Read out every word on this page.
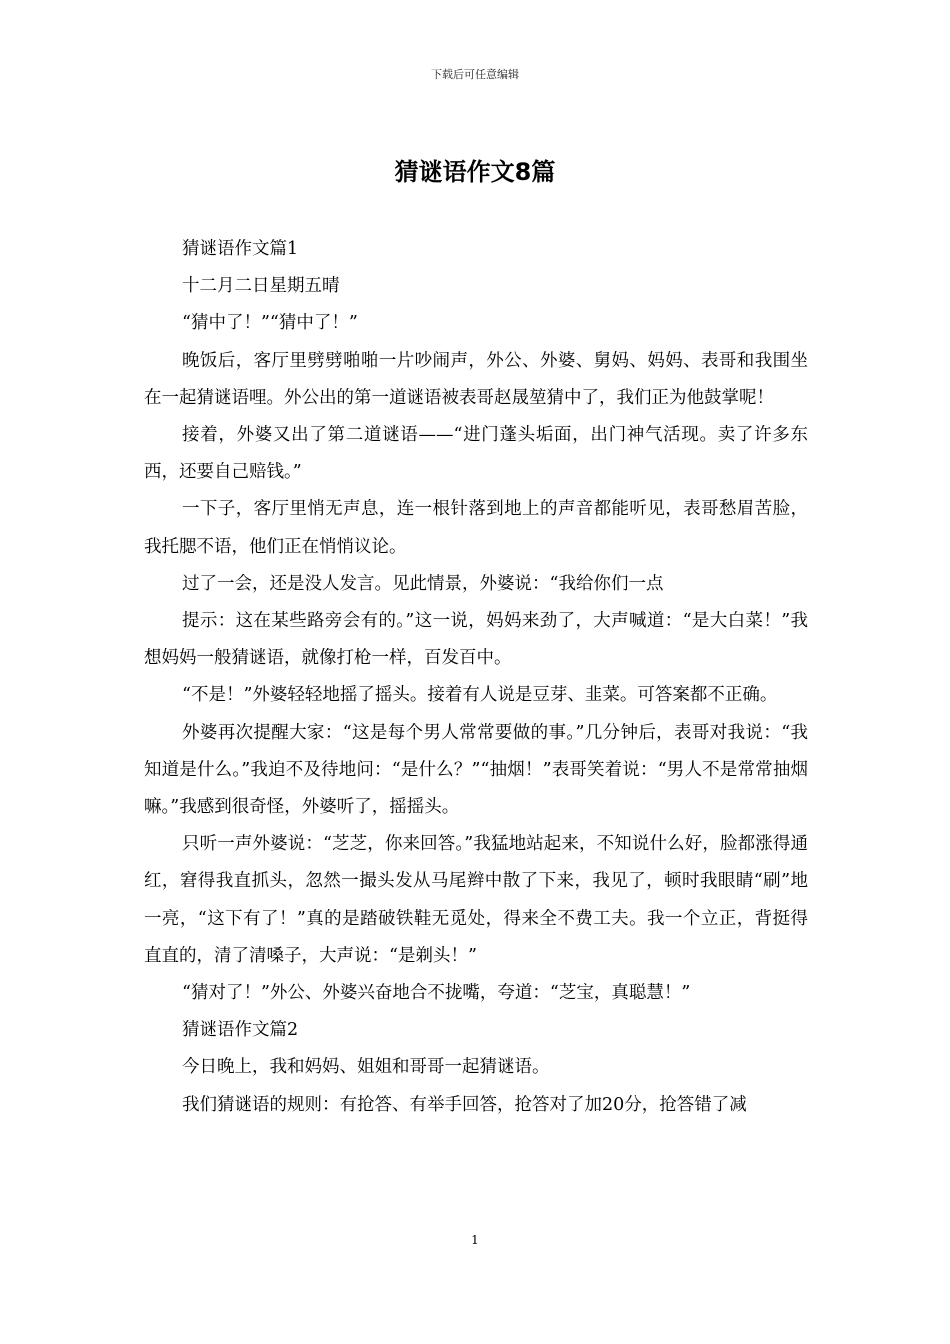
下载后可任意编辑
猜谜语作文8篇

猜谜语作文篇1

十二月二日星期五晴

“猜中了！”“猜中了！”

晚饭后，客厅里劈劈啪啪一片吵闹声，外公、外婆、舅妈、妈妈、表哥和我围坐在一起猜谜语哩。外公出的第一道谜语被表哥赵晟堃猜中了，我们正为他鼓掌呢！

接着，外婆又出了第二道谜语——“进门蓬头垢面，出门神气活现。卖了许多东西，还要自己赔钱。”

一下子，客厅里悄无声息，连一根针落到地上的声音都能听见，表哥愁眉苦脸，我托腮不语，他们正在悄悄议论。

过了一会，还是没人发言。见此情景，外婆说：“我给你们一点

提示：这在某些路旁会有的。”这一说，妈妈来劲了，大声喊道：“是大白菜！”我想妈妈一般猜谜语，就像打枪一样，百发百中。

“不是！”外婆轻轻地摇了摇头。接着有人说是豆芽、韭菜。可答案都不正确。

外婆再次提醒大家：“这是每个男人常常要做的事。”几分钟后，表哥对我说：“我知道是什么。”我迫不及待地问：“是什么？”“抽烟！”表哥笑着说：“男人不是常常抽烟嘛。”我感到很奇怪，外婆听了，摇摇头。

只听一声外婆说：“芝芝，你来回答。”我猛地站起来，不知说什么好，脸都涨得通红，窘得我直抓头，忽然一撮头发从马尾辫中散了下来，我见了，顿时我眼睛“刷”地一亮，“这下有了！”真的是踏破铁鞋无觅处，得来全不费工夫。我一个立正，背挺得直直的，清了清嗓子，大声说：“是剃头！”

“猜对了！”外公、外婆兴奋地合不拢嘴，夸道：“芝宝，真聪慧！”

猜谜语作文篇2

今日晚上，我和妈妈、姐姐和哥哥一起猜谜语。

我们猜谜语的规则：有抢答、有举手回答，抢答对了加20分，抢答错了减

1
